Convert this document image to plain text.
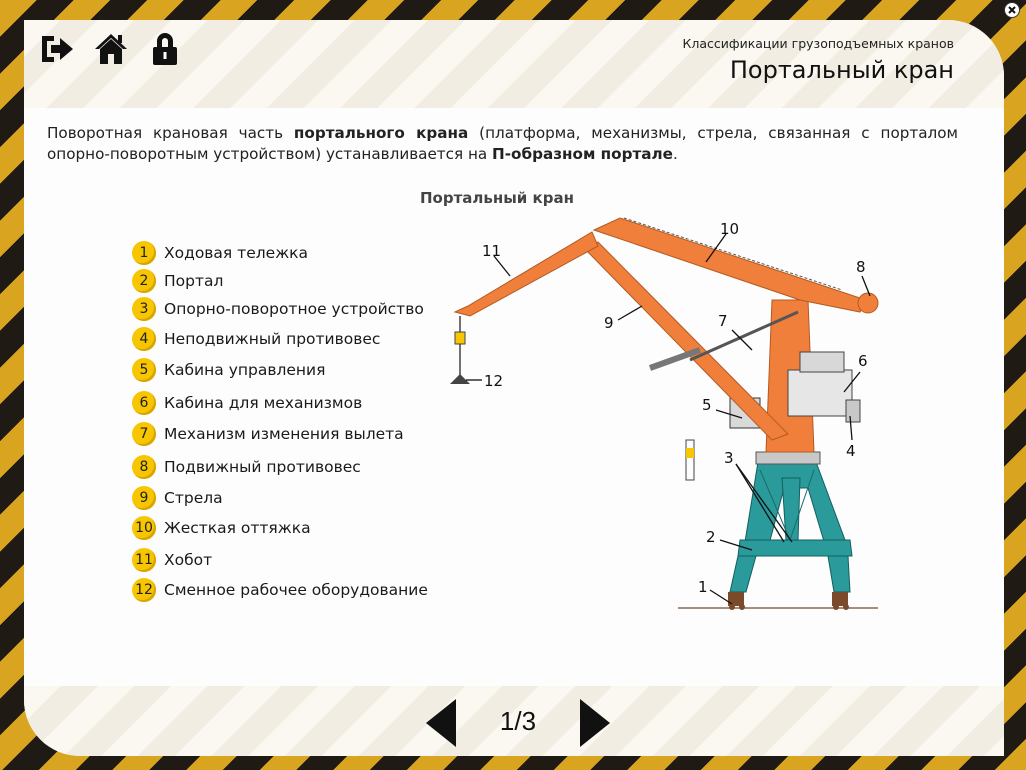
Классификации грузоподъемных кранов
Портальный кран
Поворотная крановая часть портального крана (платформа, механизмы, стрела, связанная с порталом опорно-поворотным устройством) устанавливается на П-образном портале.
Портальный кран
1	Ходовая тележка
2	Портал
3	Опорно-поворотное устройство
4	Неподвижный противовес
5	Кабина управления
6	Кабина для механизмов
7	Механизм изменения вылета
8	Подвижный противовес
9	Стрела
10 Жесткая оттяжка
11 Хобот
12 Сменное рабочее оборудование	1
2
3	4
5
6
7
8
9
10
11
12
1/3
